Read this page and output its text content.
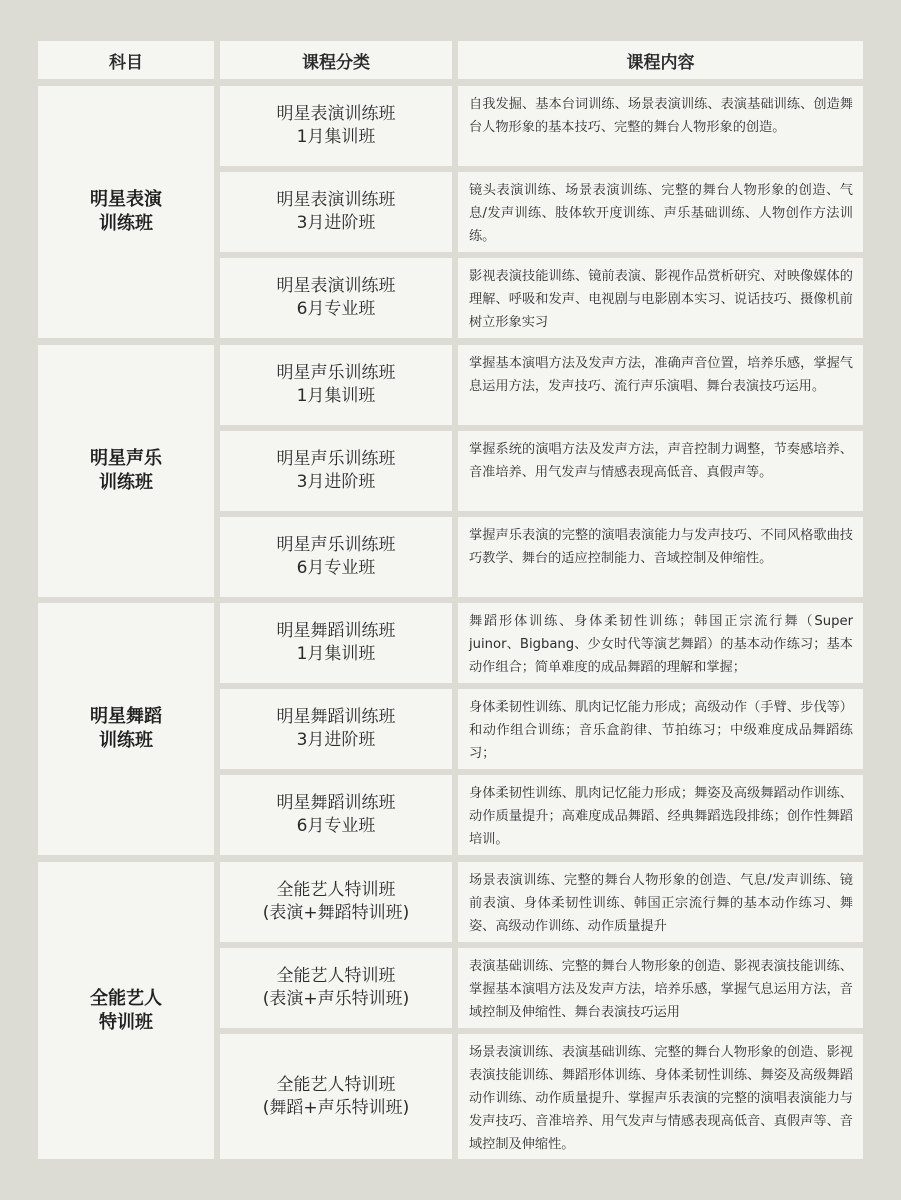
科目	课程分类	课程内容
明星表演
训练班
明星声乐
训练班
明星舞蹈
训练班
全能艺人
特训班
明星表演训练班
1月集训班
自我发掘、基本台词训练、场景表演训练、表演基础训练、创造舞台人物形象的基本技巧、完整的舞台人物形象的创造。
明星表演训练班
3月进阶班
镜头表演训练、场景表演训练、完整的舞台人物形象的创造、气息/发声训练、肢体软开度训练、声乐基础训练、人物创作方法训练。
明星表演训练班
6月专业班
影视表演技能训练、镜前表演、影视作品赏析研究、对映像媒体的理解、呼吸和发声、电视剧与电影剧本实习、说话技巧、摄像机前树立形象实习
明星声乐训练班
1月集训班
掌握基本演唱方法及发声方法，准确声音位置，培养乐感，掌握气息运用方法，发声技巧、流行声乐演唱、舞台表演技巧运用。
明星声乐训练班
3月进阶班
掌握系统的演唱方法及发声方法，声音控制力调整，节奏感培养、音准培养、用气发声与情感表现高低音、真假声等。
明星声乐训练班
6月专业班
掌握声乐表演的完整的演唱表演能力与发声技巧、不同风格歌曲技巧教学、舞台的适应控制能力、音域控制及伸缩性。
明星舞蹈训练班
1月集训班
舞蹈形体训练、身体柔韧性训练；韩国正宗流行舞（Super juinor、Bigbang、少女时代等演艺舞蹈）的基本动作练习；基本动作组合；简单难度的成品舞蹈的理解和掌握；
明星舞蹈训练班
3月进阶班
身体柔韧性训练、肌肉记忆能力形成；高级动作（手臂、步伐等）和动作组合训练；音乐盒韵律、节拍练习；中级难度成品舞蹈练习；
明星舞蹈训练班
6月专业班
身体柔韧性训练、肌肉记忆能力形成；舞姿及高级舞蹈动作训练、动作质量提升；高难度成品舞蹈、经典舞蹈选段排练；创作性舞蹈培训。
全能艺人特训班
(表演+舞蹈特训班)
场景表演训练、完整的舞台人物形象的创造、气息/发声训练、镜前表演、身体柔韧性训练、韩国正宗流行舞的基本动作练习、舞姿、高级动作训练、动作质量提升
全能艺人特训班
(表演+声乐特训班)
表演基础训练、完整的舞台人物形象的创造、影视表演技能训练、掌握基本演唱方法及发声方法，培养乐感，掌握气息运用方法，音域控制及伸缩性、舞台表演技巧运用
全能艺人特训班
(舞蹈+声乐特训班)
场景表演训练、表演基础训练、完整的舞台人物形象的创造、影视表演技能训练、舞蹈形体训练、身体柔韧性训练、舞姿及高级舞蹈动作训练、动作质量提升、掌握声乐表演的完整的演唱表演能力与发声技巧、音准培养、用气发声与情感表现高低音、真假声等、音域控制及伸缩性。
